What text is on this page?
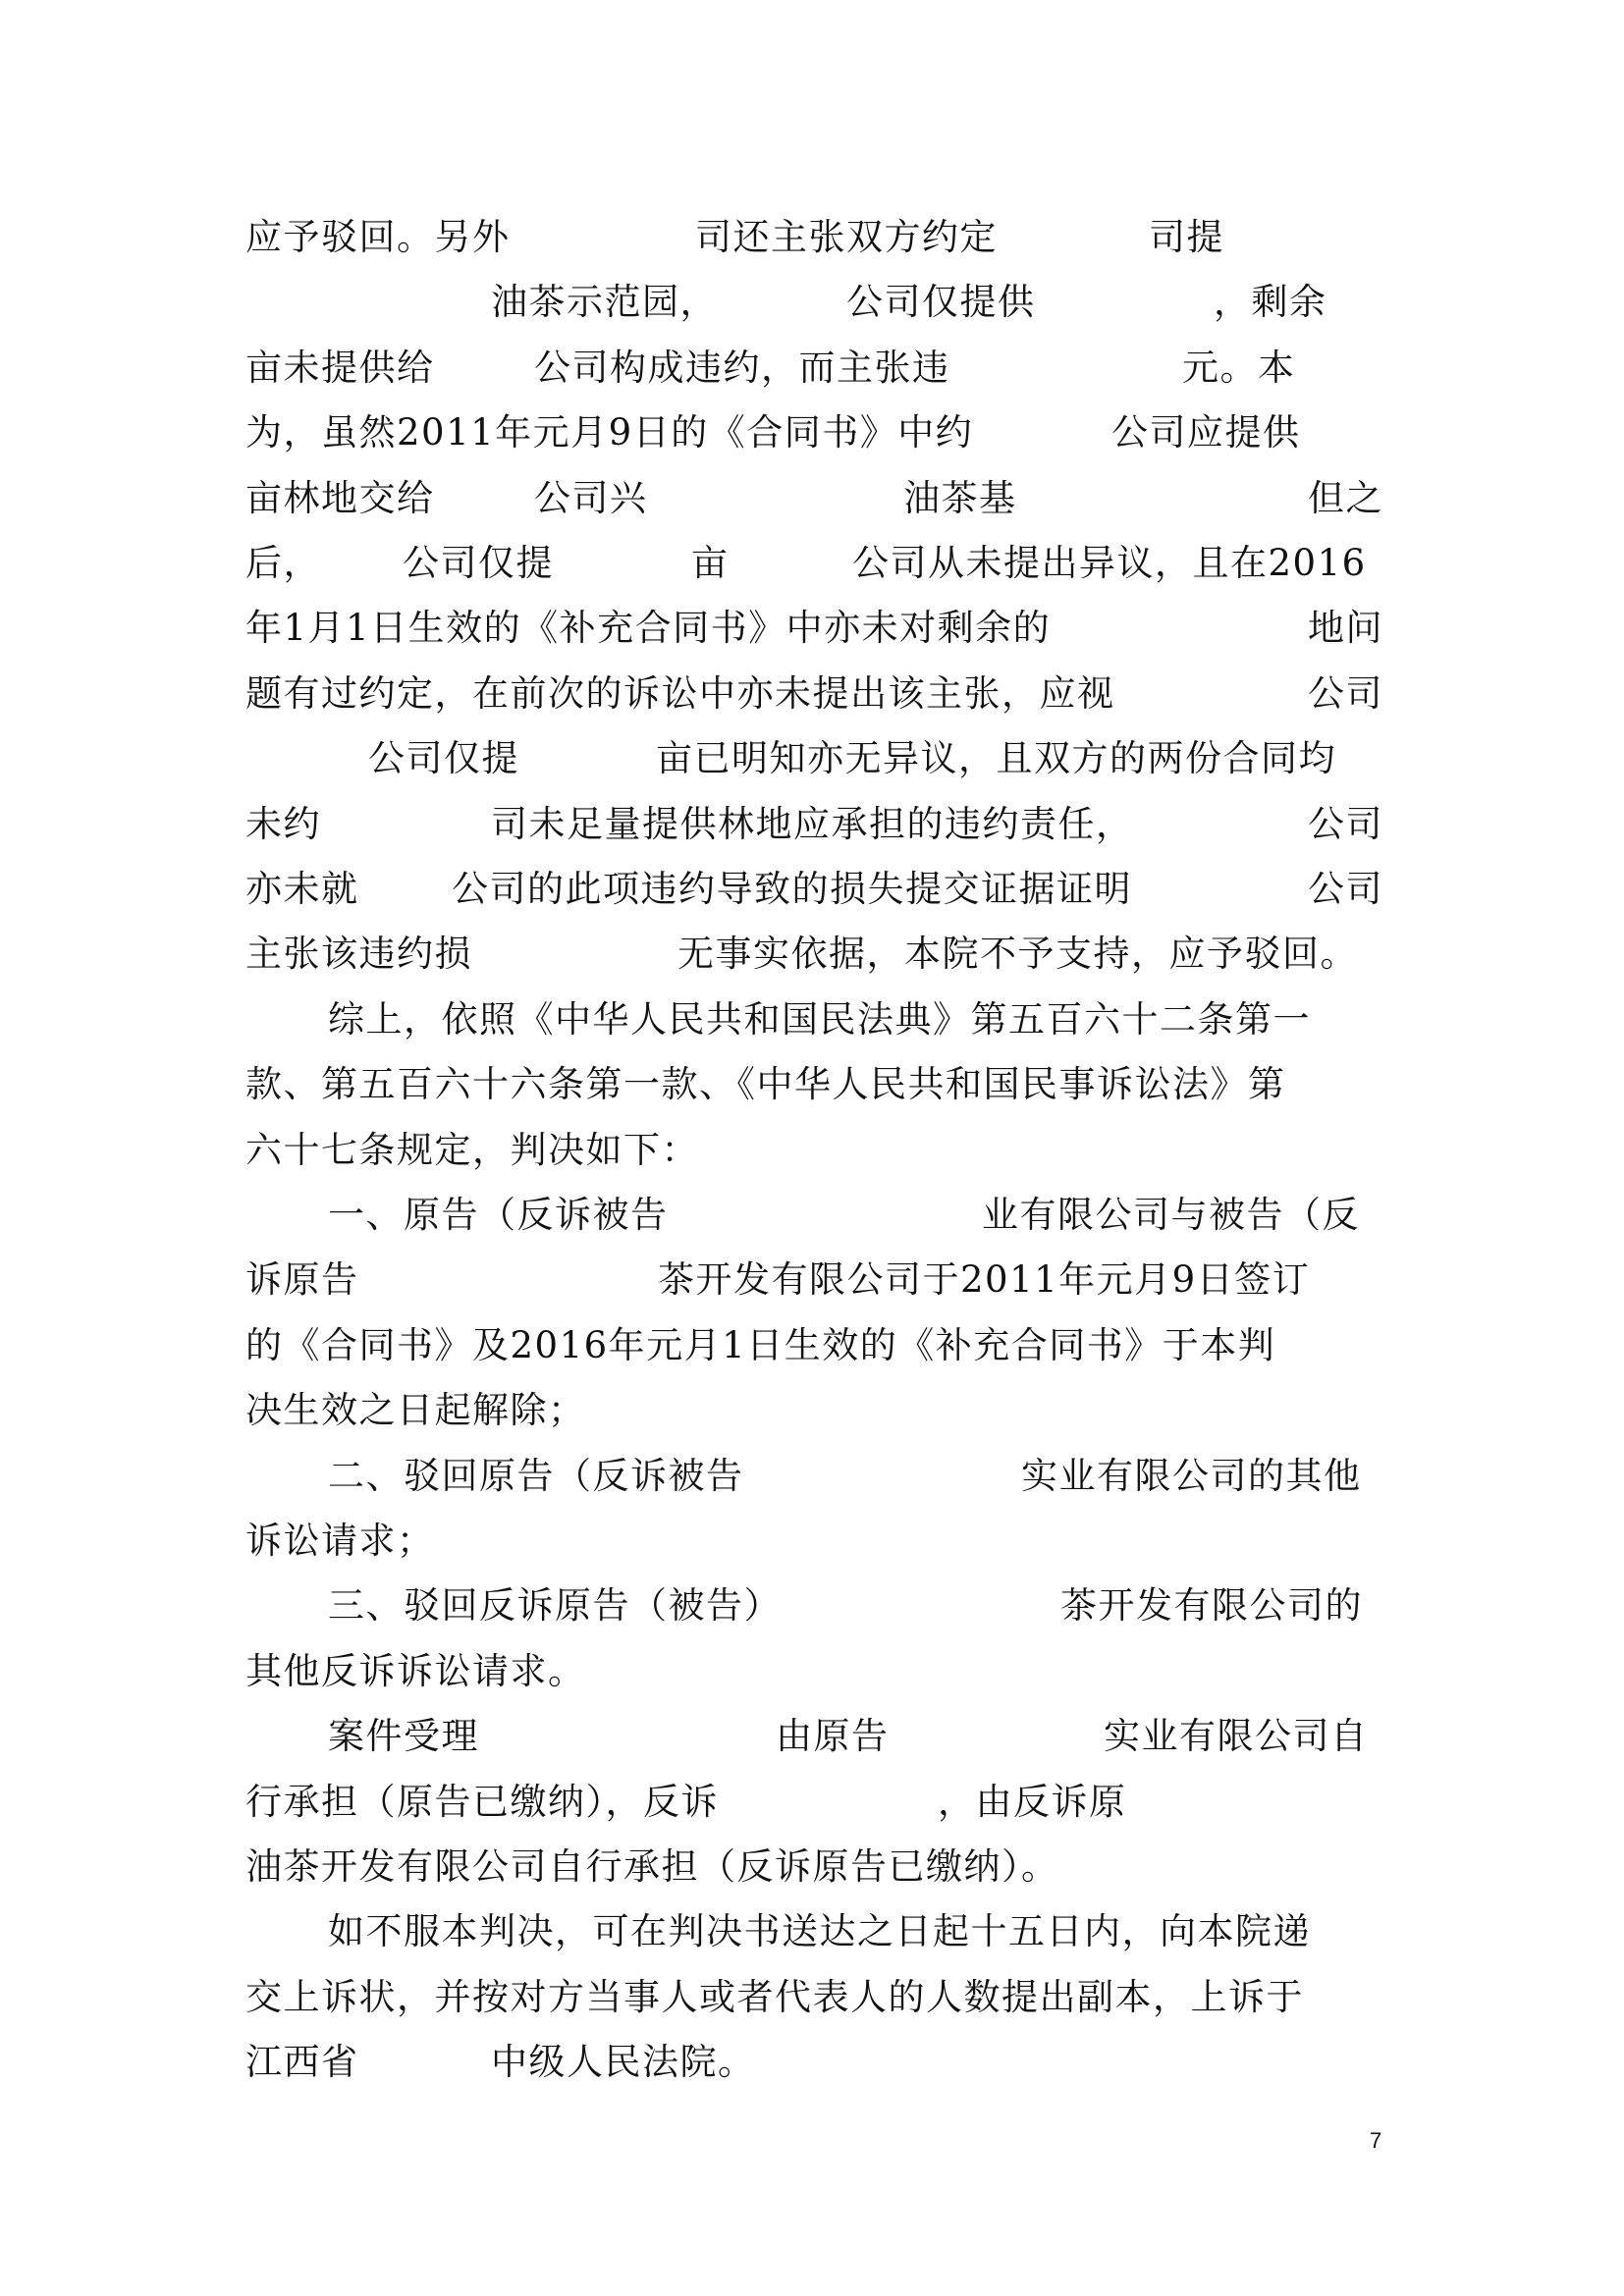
应予驳回。另外	司还主张双方约定	司提
油茶示范园，	公司仅提供	，剩余
亩未提供给	公司构成违约，而主张违	元。本
为，虽然2011年元月9日的《合同书》中约	公司应提供
亩林地交给	公司兴	油茶基	但之
后， 公司仅提	亩	公司从未提出异议，且在2016
年1月1日生效的《补充合同书》中亦未对剩余的	地问
题有过约定，在前次的诉讼中亦未提出该主张，应视	公司
公司仅提	亩已明知亦无异议，且双方的两份合同均
未约	司未足量提供林地应承担的违约责任，	公司
亦未就	公司的此项违约导致的损失提交证据证明	公司
主张该违约损	无事实依据，本院不予支持，应予驳回。
综上，依照《中华人民共和国民法典》第五百六十二条第一
款、第五百六十六条第一款、《中华人民共和国民事诉讼法》第
六十七条规定，判决如下：
一、原告（反诉被告	业有限公司与被告（反
诉原告	茶开发有限公司于2011年元月9日签订
的《合同书》及2016年元月1日生效的《补充合同书》于本判
决生效之日起解除；
二、驳回原告（反诉被告	实业有限公司的其他
诉讼请求；
三、驳回反诉原告（被告）	茶开发有限公司的
其他反诉诉讼请求。
案件受理	由原告	实业有限公司自
行承担（原告已缴纳），反诉	，由反诉原
油茶开发有限公司自行承担（反诉原告已缴纳）。
如不服本判决，可在判决书送达之日起十五日内，向本院递
交上诉状，并按对方当事人或者代表人的人数提出副本，上诉于
江西省	中级人民法院。
7
